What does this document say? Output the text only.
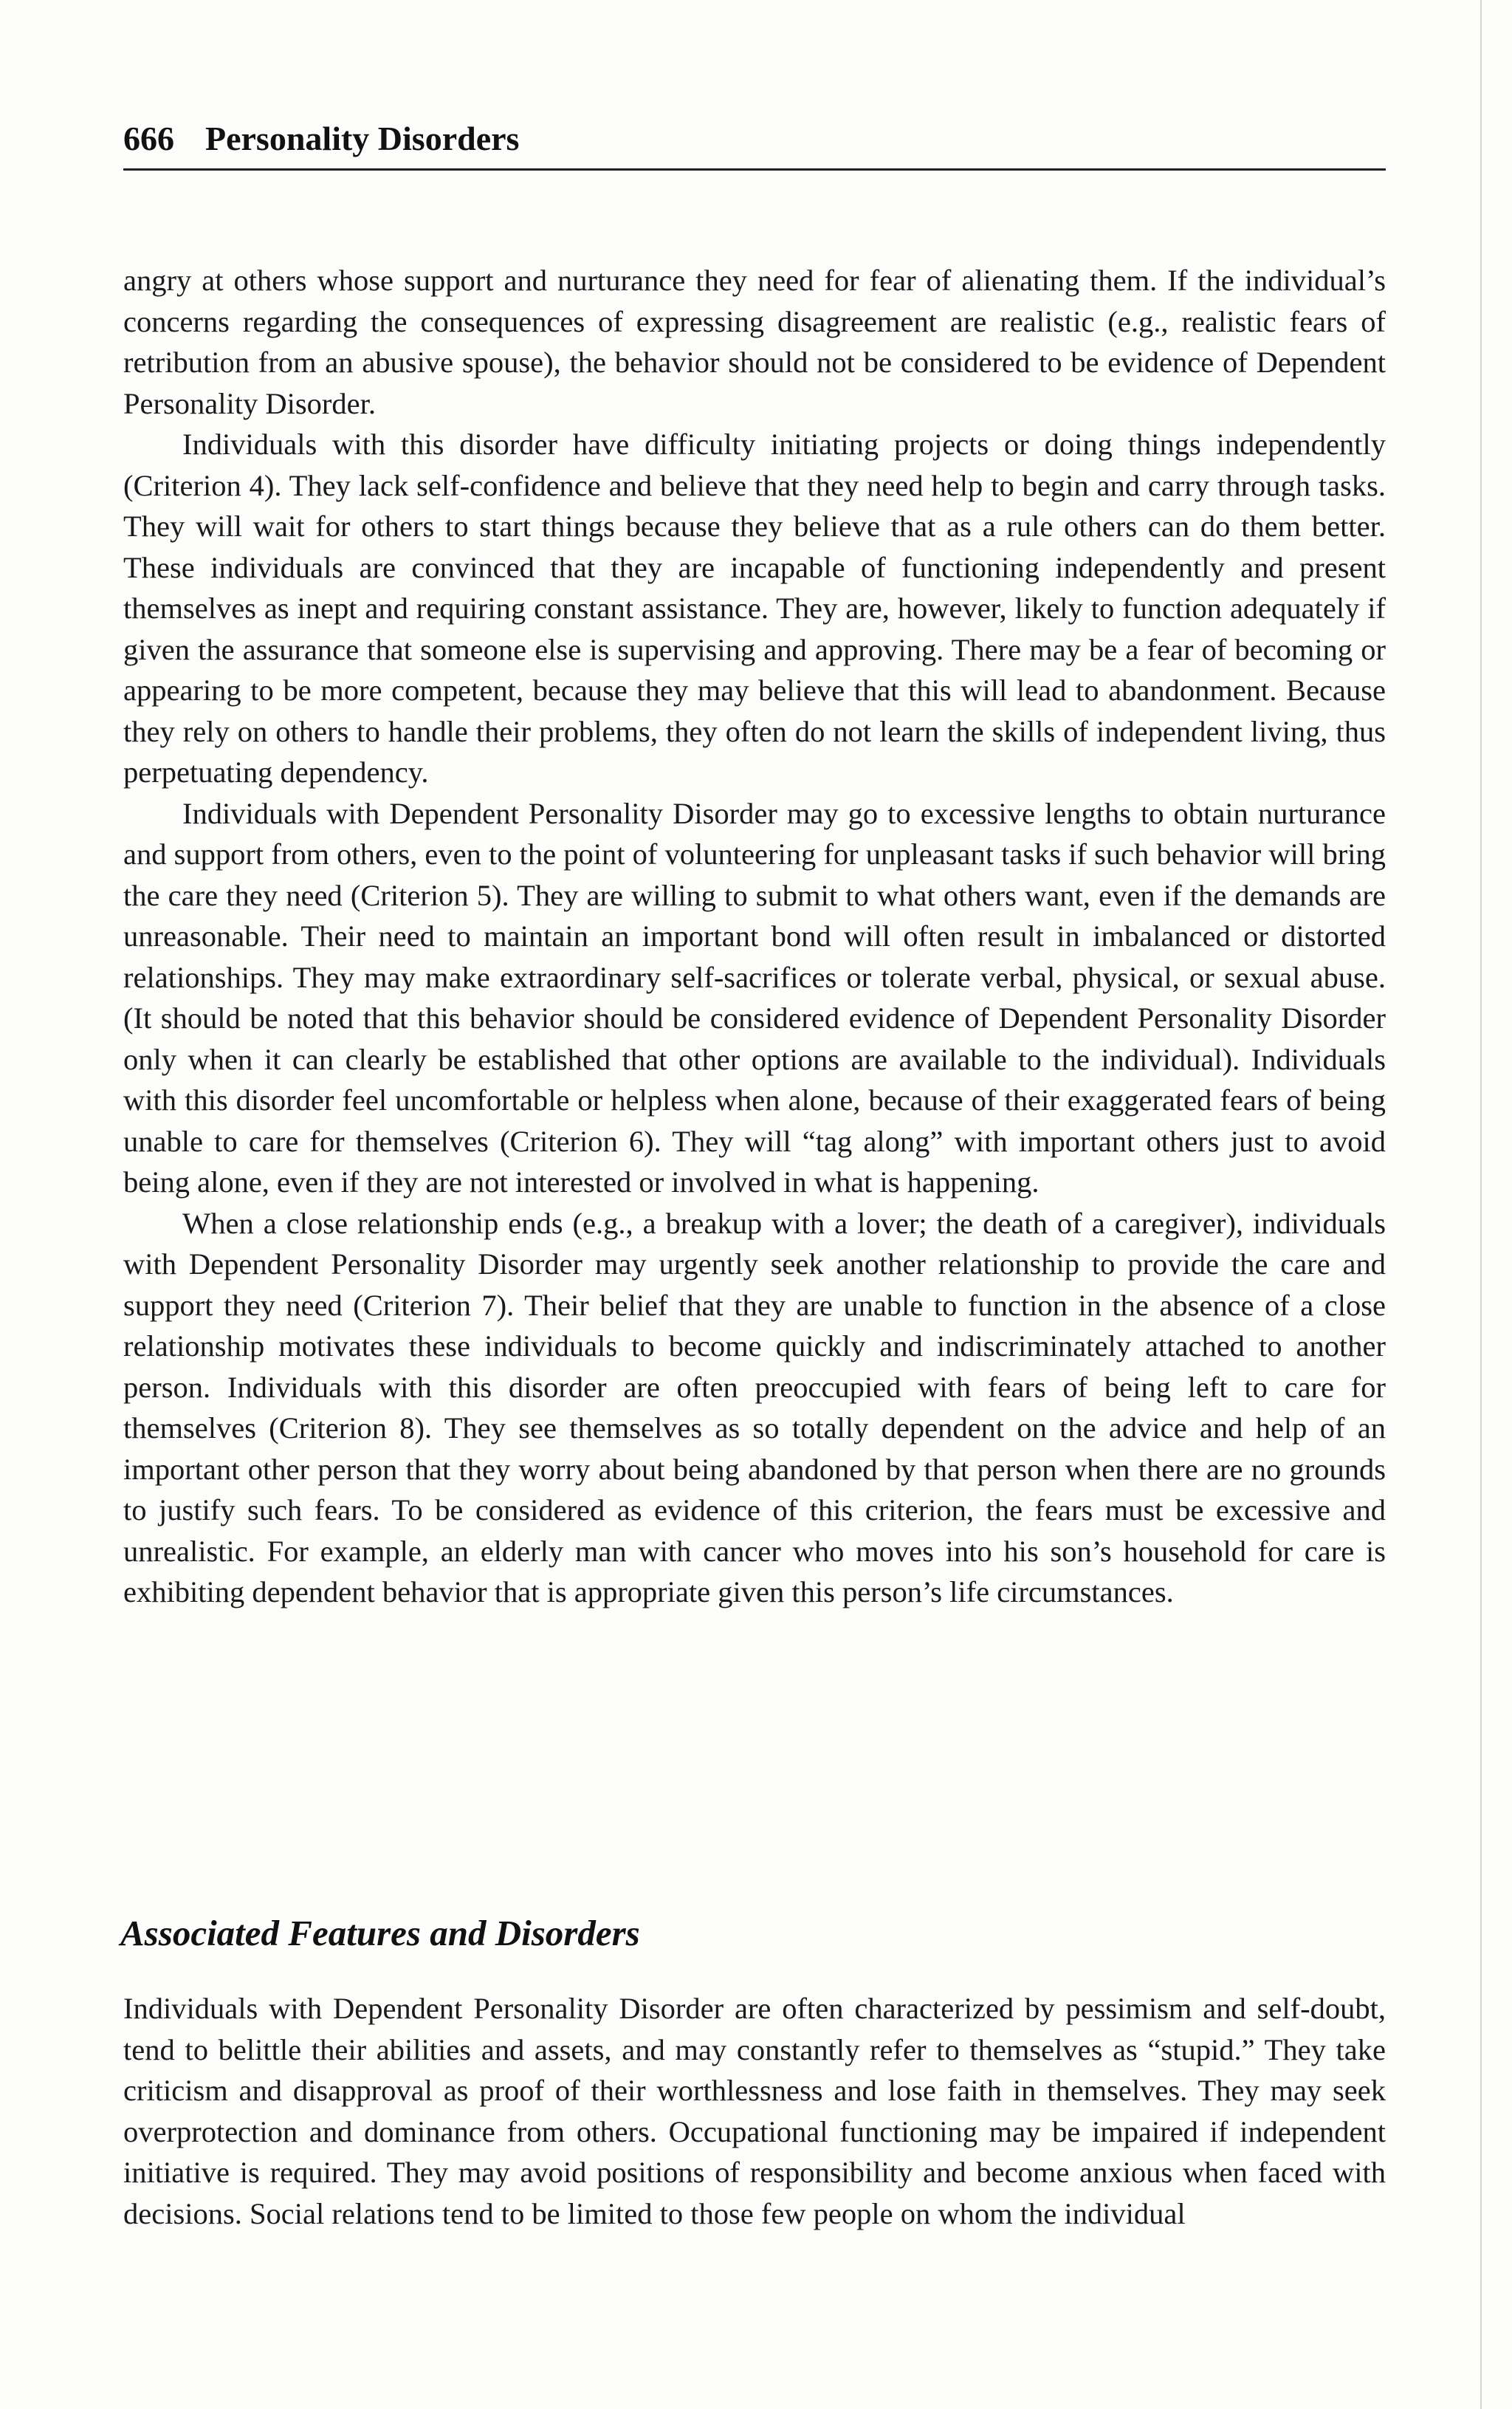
666 Personality Disorders

angry at others whose support and nurturance they need for fear of alienating them. If the individual’s concerns regarding the consequences of expressing disagreement are realistic (e.g., realistic fears of retribution from an abusive spouse), the behavior should not be considered to be evidence of Dependent Personality Disorder.

Individuals with this disorder have difficulty initiating projects or doing things independently (Criterion 4). They lack self-confidence and believe that they need help to begin and carry through tasks. They will wait for others to start things because they believe that as a rule others can do them better. These individuals are convinced that they are incapable of functioning independently and present themselves as inept and requiring constant assistance. They are, however, likely to function adequately if given the assurance that someone else is supervising and approving. There may be a fear of becoming or appearing to be more competent, because they may believe that this will lead to abandonment. Because they rely on others to handle their problems, they often do not learn the skills of independent living, thus perpetuating dependency.

Individuals with Dependent Personality Disorder may go to excessive lengths to obtain nurturance and support from others, even to the point of volunteering for unpleasant tasks if such behavior will bring the care they need (Criterion 5). They are willing to submit to what others want, even if the demands are unreasonable. Their need to maintain an important bond will often result in imbalanced or distorted relationships. They may make extraordinary self-sacrifices or tolerate verbal, physical, or sexual abuse. (It should be noted that this behavior should be considered evidence of Dependent Personality Disorder only when it can clearly be established that other options are available to the individual). Individuals with this disorder feel uncomfortable or helpless when alone, because of their exaggerated fears of being unable to care for themselves (Criterion 6). They will “tag along” with important others just to avoid being alone, even if they are not interested or involved in what is happening.

When a close relationship ends (e.g., a breakup with a lover; the death of a caregiver), individuals with Dependent Personality Disorder may urgently seek another relationship to provide the care and support they need (Criterion 7). Their belief that they are unable to function in the absence of a close relationship motivates these individuals to become quickly and indiscriminately attached to another person. Individuals with this disorder are often preoccupied with fears of being left to care for themselves (Criterion 8). They see themselves as so totally dependent on the advice and help of an important other person that they worry about being abandoned by that person when there are no grounds to justify such fears. To be considered as evidence of this criterion, the fears must be excessive and unrealistic. For example, an elderly man with cancer who moves into his son’s household for care is exhibiting dependent behavior that is appropriate given this person’s life circumstances.

Associated Features and Disorders

Individuals with Dependent Personality Disorder are often characterized by pessimism and self-doubt, tend to belittle their abilities and assets, and may constantly refer to themselves as “stupid.” They take criticism and disapproval as proof of their worthlessness and lose faith in themselves. They may seek overprotection and dominance from others. Occupational functioning may be impaired if independent initiative is required. They may avoid positions of responsibility and become anxious when faced with decisions. Social relations tend to be limited to those few people on whom the individual
